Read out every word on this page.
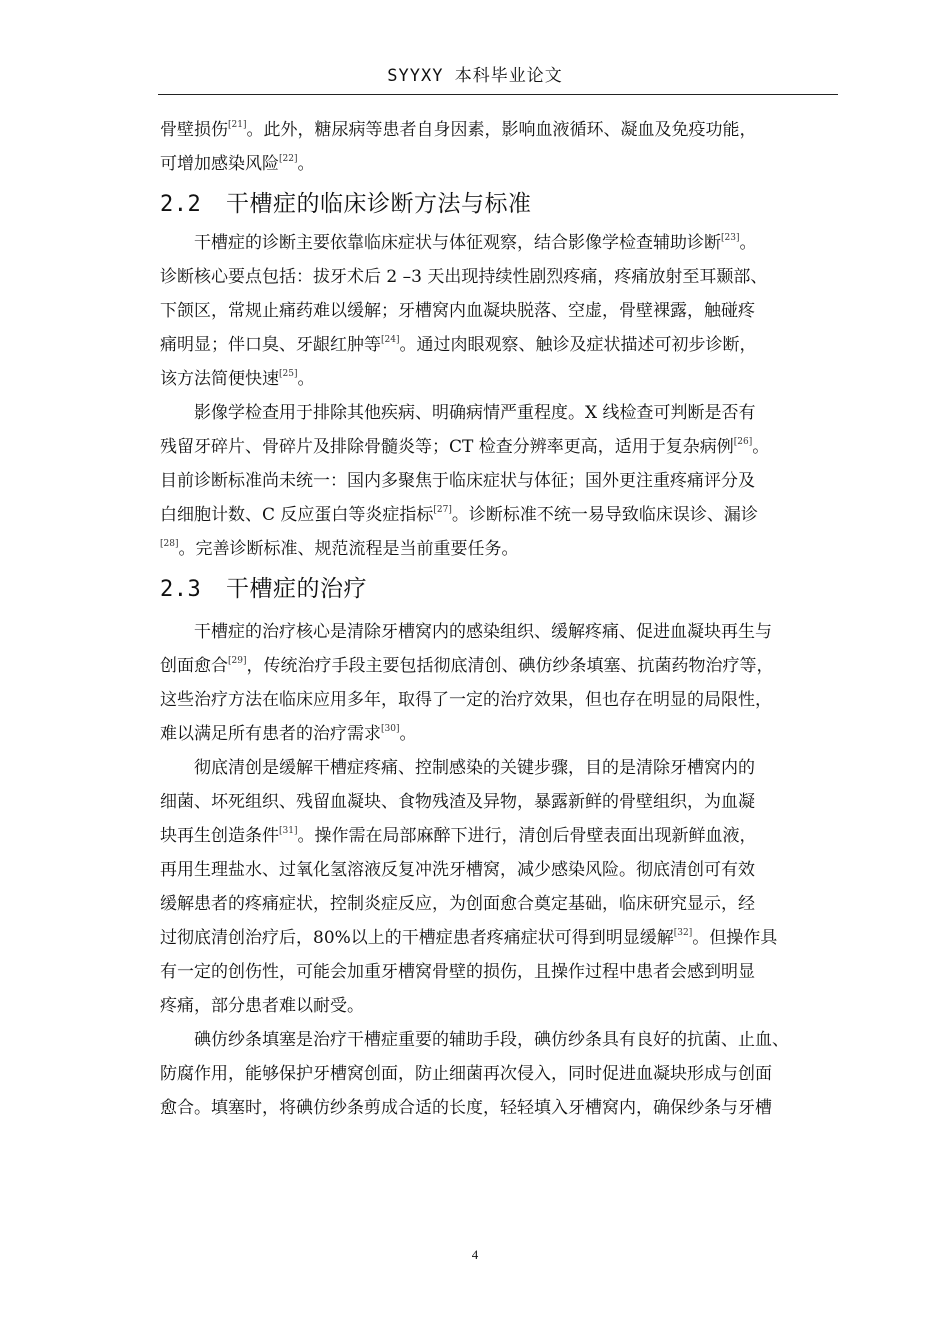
SYYXY 本科毕业论文

骨壁损伤[21]。此外，糖尿病等患者自身因素，影响血液循环、凝血及免疫功能，
可增加感染风险[22]。

2.2 干槽症的临床诊断方法与标准

干槽症的诊断主要依靠临床症状与体征观察，结合影像学检查辅助诊断[23]。
诊断核心要点包括：拔牙术后 2 –3 天出现持续性剧烈疼痛，疼痛放射至耳颞部、
下颌区，常规止痛药难以缓解；牙槽窝内血凝块脱落、空虚，骨壁裸露，触碰疼
痛明显；伴口臭、牙龈红肿等[24]。通过肉眼观察、触诊及症状描述可初步诊断，
该方法简便快速[25]。

影像学检查用于排除其他疾病、明确病情严重程度。X 线检查可判断是否有
残留牙碎片、骨碎片及排除骨髓炎等；CT 检查分辨率更高，适用于复杂病例[26]。
目前诊断标准尚未统一：国内多聚焦于临床症状与体征；国外更注重疼痛评分及
白细胞计数、C 反应蛋白等炎症指标[27]。诊断标准不统一易导致临床误诊、漏诊
[28]。完善诊断标准、规范流程是当前重要任务。

2.3 干槽症的治疗

干槽症的治疗核心是清除牙槽窝内的感染组织、缓解疼痛、促进血凝块再生与
创面愈合[29]，传统治疗手段主要包括彻底清创、碘仿纱条填塞、抗菌药物治疗等，
这些治疗方法在临床应用多年，取得了一定的治疗效果，但也存在明显的局限性，
难以满足所有患者的治疗需求[30]。

彻底清创是缓解干槽症疼痛、控制感染的关键步骤，目的是清除牙槽窝内的
细菌、坏死组织、残留血凝块、食物残渣及异物，暴露新鲜的骨壁组织，为血凝
块再生创造条件[31]。操作需在局部麻醉下进行，清创后骨壁表面出现新鲜血液，
再用生理盐水、过氧化氢溶液反复冲洗牙槽窝，减少感染风险。彻底清创可有效
缓解患者的疼痛症状，控制炎症反应，为创面愈合奠定基础，临床研究显示，经
过彻底清创治疗后，80%以上的干槽症患者疼痛症状可得到明显缓解[32]。但操作具
有一定的创伤性，可能会加重牙槽窝骨壁的损伤，且操作过程中患者会感到明显
疼痛，部分患者难以耐受。

碘仿纱条填塞是治疗干槽症重要的辅助手段，碘仿纱条具有良好的抗菌、止血、
防腐作用，能够保护牙槽窝创面，防止细菌再次侵入，同时促进血凝块形成与创面
愈合。填塞时，将碘仿纱条剪成合适的长度，轻轻填入牙槽窝内，确保纱条与牙槽

4
